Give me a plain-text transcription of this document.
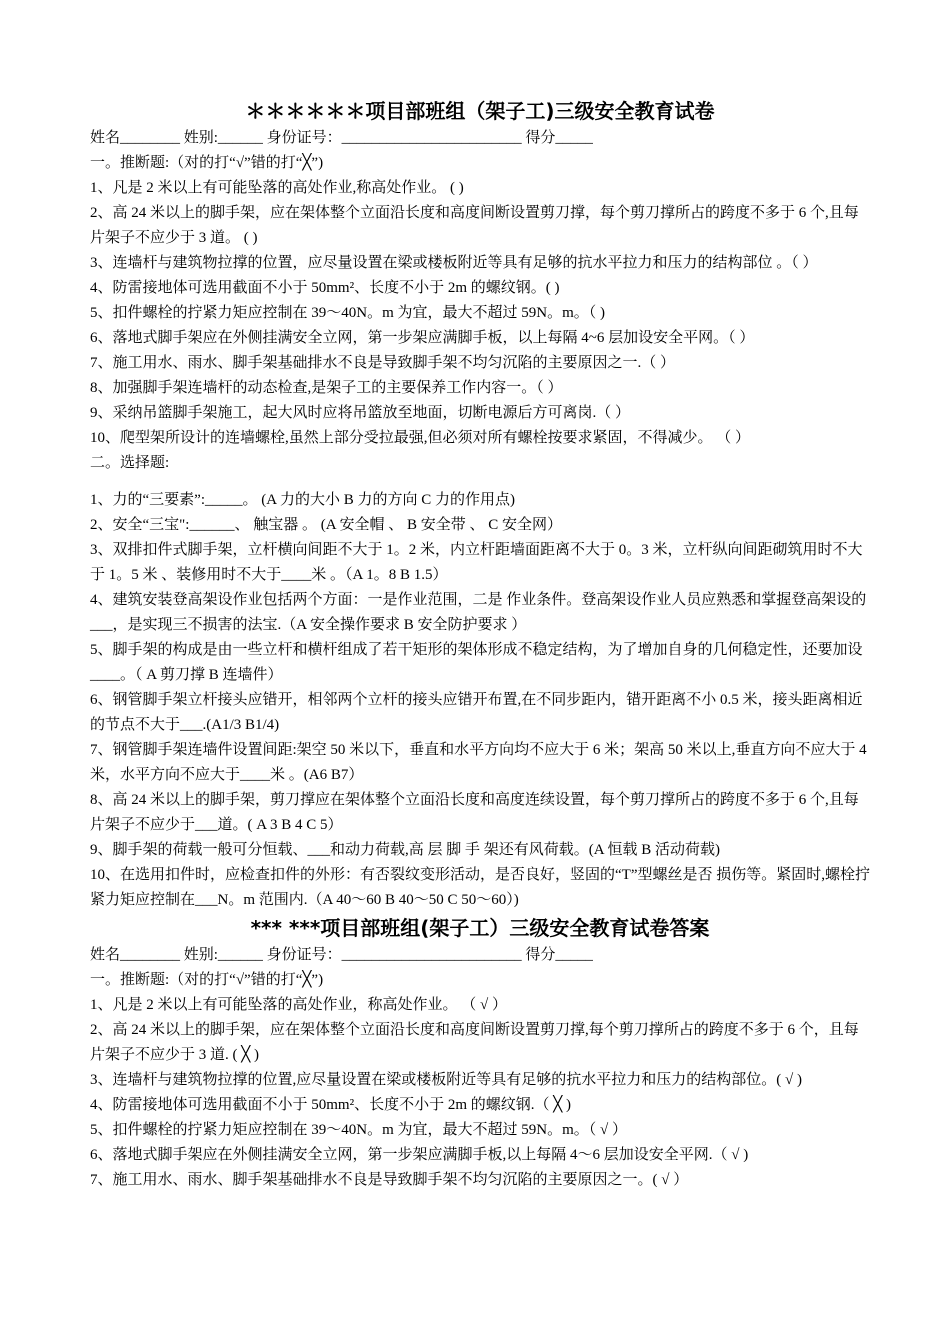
＊＊＊＊＊＊项目部班组（架子工)三级安全教育试卷
姓名________ 姓别:______ 身份证号：________________________ 得分_____
一。推断题:（对的打“√”错的打“╳”)
1、凡是 2 米以上有可能坠落的高处作业,称高处作业。 ( )
2、高 24 米以上的脚手架，应在架体整个立面沿长度和高度间断设置剪刀撑，每个剪刀撑所占的跨度不多于 6 个,且每片架子不应少于 3 道。 ( )
3、连墙杆与建筑物拉撑的位置，应尽量设置在梁或楼板附近等具有足够的抗水平拉力和压力的结构部位 。（ ）
4、防雷接地体可选用截面不小于 50mm²、长度不小于 2m 的螺纹钢。( )
5、扣件螺栓的拧紧力矩应控制在 39～40N。m 为宜，最大不超过 59N。m。（ )
6、落地式脚手架应在外侧挂满安全立网，第一步架应满脚手板，以上每隔 4~6 层加设安全平网。（ ）
7、施工用水、雨水、脚手架基础排水不良是导致脚手架不均匀沉陷的主要原因之一.（ ）
8、加强脚手架连墙杆的动态检查,是架子工的主要保养工作内容一。（ ）
9、采纳吊篮脚手架施工，起大风时应将吊篮放至地面，切断电源后方可离岗.（ ）
10、爬型架所设计的连墙螺栓,虽然上部分受拉最强,但必须对所有螺栓按要求紧固，不得减少。 （ ）
二。选择题:
1、力的“三要素”:_____。 (A 力的大小 B 力的方向 C 力的作用点)
2、安全“三宝":______、 触宝器 。 (A 安全帽 、 B 安全带 、 C 安全网）
3、双排扣件式脚手架，立杆横向间距不大于 1。2 米，内立杆距墙面距离不大于 0。3 米，立杆纵向间距砌筑用时不大于 1。5 米 、装修用时不大于____米 。（A 1。8 B 1.5）
4、建筑安装登高架设作业包括两个方面：一是作业范围，二是 作业条件。登高架设作业人员应熟悉和掌握登高架设的___，是实现三不损害的法宝.（A 安全操作要求 B 安全防护要求 ）
5、脚手架的构成是由一些立杆和横杆组成了若干矩形的架体形成不稳定结构，为了增加自身的几何稳定性，还要加设____。（ A 剪刀撑 B 连墙件）
6、钢管脚手架立杆接头应错开，相邻两个立杆的接头应错开布置,在不同步距内，错开距离不小 0.5 米，接头距离相近的节点不大于___.(A1/3 B1/4)
7、钢管脚手架连墙件设置间距:架空 50 米以下，垂直和水平方向均不应大于 6 米；架高 50 米以上,垂直方向不应大于 4 米，水平方向不应大于____米 。(A6 B7）
8、高 24 米以上的脚手架，剪刀撑应在架体整个立面沿长度和高度连续设置，每个剪刀撑所占的跨度不多于 6 个,且每片架子不应少于___道。( A 3 B 4 C 5）
9、脚手架的荷载一般可分恒载、___和动力荷载,高 层 脚 手 架还有风荷载。(A 恒载 B 活动荷载)
10、在选用扣件时，应检查扣件的外形：有否裂纹变形活动，是否良好，竖固的“T”型螺丝是否 损伤等。紧固时,螺栓拧紧力矩应控制在___N。m 范围内.（A 40～60 B 40～50 C 50～60）)
*** ***项目部班组(架子工）三级安全教育试卷答案
姓名________ 姓别:______ 身份证号：________________________ 得分_____
一。推断题:（对的打“√”错的打“╳”)
1、凡是 2 米以上有可能坠落的高处作业，称高处作业。 （ √ ）
2、高 24 米以上的脚手架，应在架体整个立面沿长度和高度间断设置剪刀撑,每个剪刀撑所占的跨度不多于 6 个，且每片架子不应少于 3 道. ( ╳ )
3、连墙杆与建筑物拉撑的位置,应尽量设置在梁或楼板附近等具有足够的抗水平拉力和压力的结构部位。( √ )
4、防雷接地体可选用截面不小于 50mm²、长度不小于 2m 的螺纹钢.（ ╳ )
5、扣件螺栓的拧紧力矩应控制在 39～40N。m 为宜，最大不超过 59N。m。（ √ ）
6、落地式脚手架应在外侧挂满安全立网，第一步架应满脚手板,以上每隔 4～6 层加设安全平网.（ √ )
7、施工用水、雨水、脚手架基础排水不良是导致脚手架不均匀沉陷的主要原因之一。( √ ）
